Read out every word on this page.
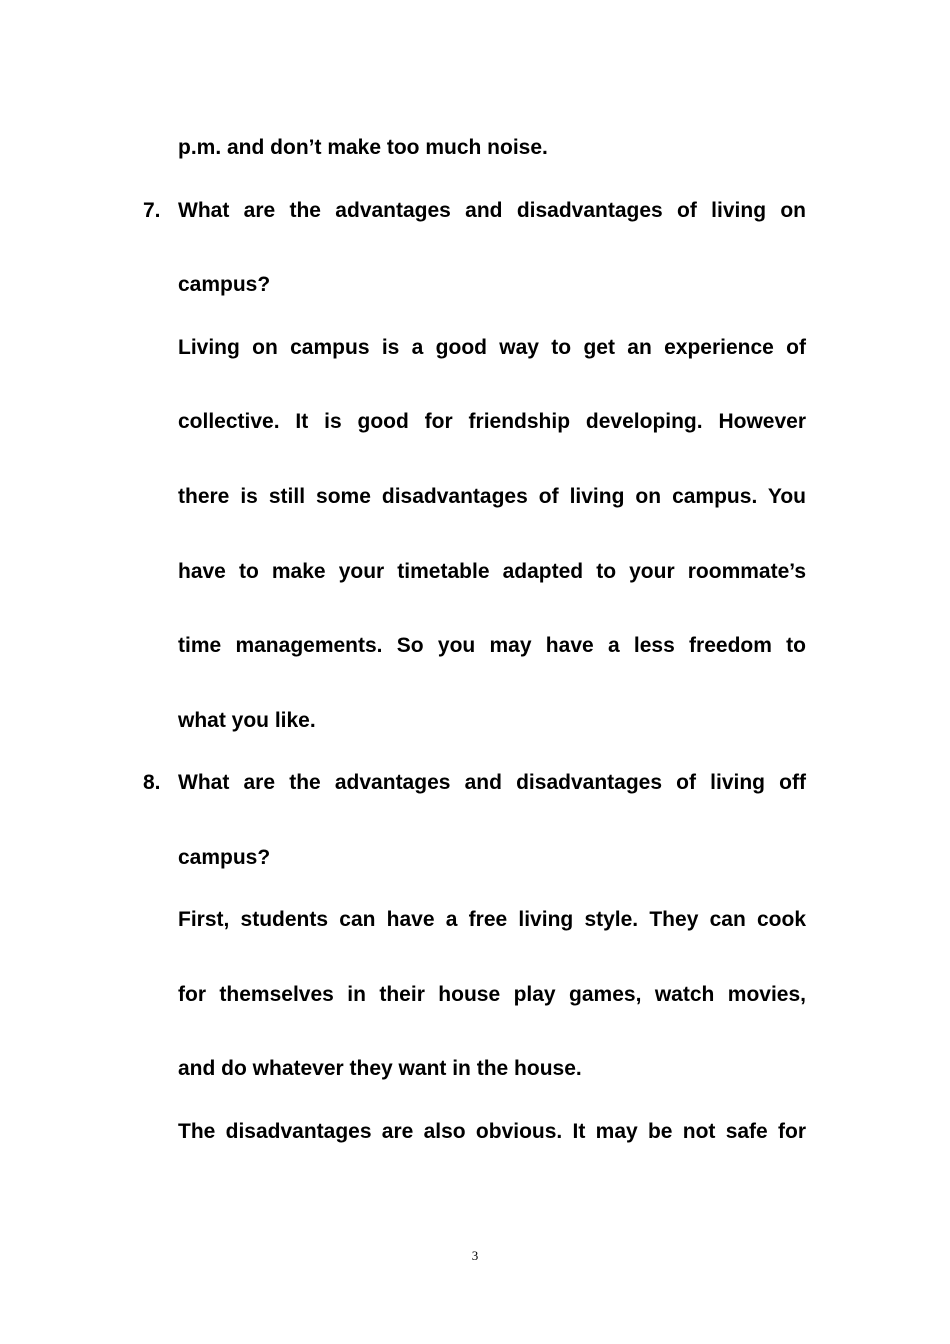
p.m. and don’t make too much noise.
7. What are the advantages and disadvantages of living on
campus?
Living on campus is a good way to get an experience of
collective. It is good for friendship developing. However
there is still some disadvantages of living on campus. You
have to make your timetable adapted to your roommate’s
time managements. So you may have a less freedom to
what you like.
8. What are the advantages and disadvantages of living off
campus?
First, students can have a free living style. They can cook
for themselves in their house play games, watch movies,
and do whatever they want in the house.
The disadvantages are also obvious. It may be not safe for
3
